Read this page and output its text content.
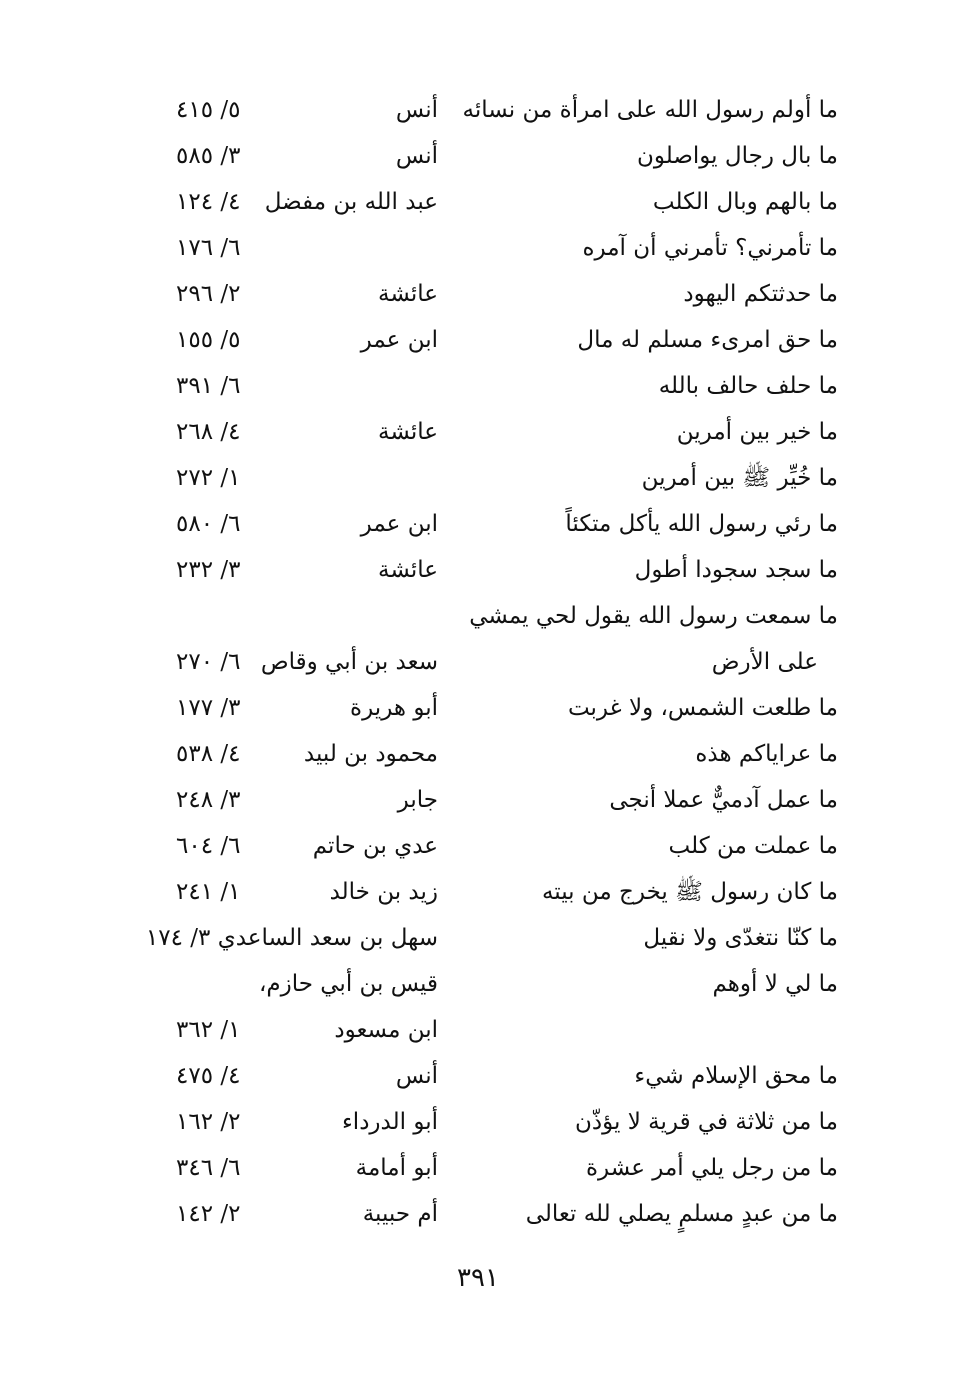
ما أولم رسول الله على امرأة من نسائه
أنس
٥/ ٤١٥
ما بال رجال يواصلون
أنس
٣/ ٥٨٥
ما بالهم وبال الكلب
عبد الله بن مفضل
٤/ ١٢٤
ما تأمرني؟ تأمرني أن آمره
٦/ ١٧٦
ما حدثتكم اليهود
عائشة
٢/ ٢٩٦
ما حق امرىء مسلم له مال
ابن عمر
٥/ ١٥٥
ما حلف حالف بالله
٦/ ٣٩١
ما خير بين أمرين
عائشة
٤/ ٢٦٨
ما خُيِّر ﷺ بين أمرين
١/ ٢٧٢
ما رئي رسول الله يأكل متكئاً
ابن عمر
٦/ ٥٨٠
ما سجد سجودا أطول
عائشة
٣/ ٢٣٢
ما سمعت رسول الله يقول لحي يمشي
على الأرض
سعد بن أبي وقاص
٦/ ٢٧٠
ما طلعت الشمس، ولا غربت
أبو هريرة
٣/ ١٧٧
ما عراياكم هذه
محمود بن لبيد
٤/ ٥٣٨
ما عمل آدميٌّ عملا أنجى
جابر
٣/ ٢٤٨
ما عملت من كلب
عدي بن حاتم
٦/ ٦٠٤
ما كان رسول ﷺ يخرج من بيته
زيد بن خالد
١/ ٢٤١
ما كنّا نتغدّى ولا نقيل
سهل بن سعد الساعدي ٣/ ١٧٤
ما لي لا أوهم
قيس بن أبي حازم،
ابن مسعود
١/ ٣٦٢
ما محق الإسلام شيء
أنس
٤/ ٤٧٥
ما من ثلاثة في قرية لا يؤذّن
أبو الدرداء
٢/ ١٦٢
ما من رجل يلي أمر عشرة
أبو أمامة
٦/ ٣٤٦
ما من عبدٍ مسلمٍ يصلي لله تعالى
أم حبيبة
٢/ ١٤٢
٣٩١
